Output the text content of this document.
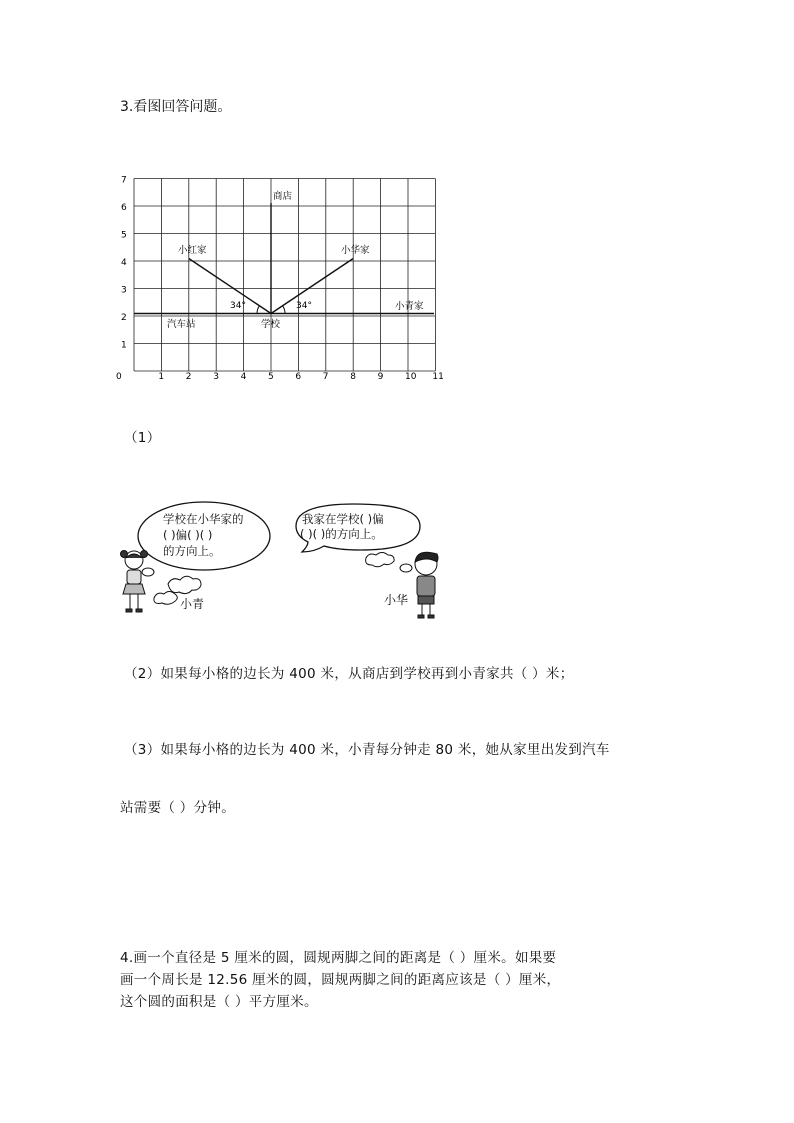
3.看图回答问题。
0	1 2 3 4 5 6 7 8 9 10 11
1
2
3
4
5
6
7
商店
小红家	小华家
小青家
汽车站	学校
34°	34°
（1）
学校在小华家的
( )偏( )( )
的方向上。
我家在学校( )偏
( )( )的方向上。
小青	小华
（2）如果每小格的边长为 400 米，从商店到学校再到小青家共（ ）米；
（3）如果每小格的边长为 400 米，小青每分钟走 80 米，她从家里出发到汽车
站需要（ ）分钟。
4.画一个直径是 5 厘米的圆，圆规两脚之间的距离是（ ）厘米。如果要
画一个周长是 12.56 厘米的圆，圆规两脚之间的距离应该是（ ）厘米，
这个圆的面积是（ ）平方厘米。
